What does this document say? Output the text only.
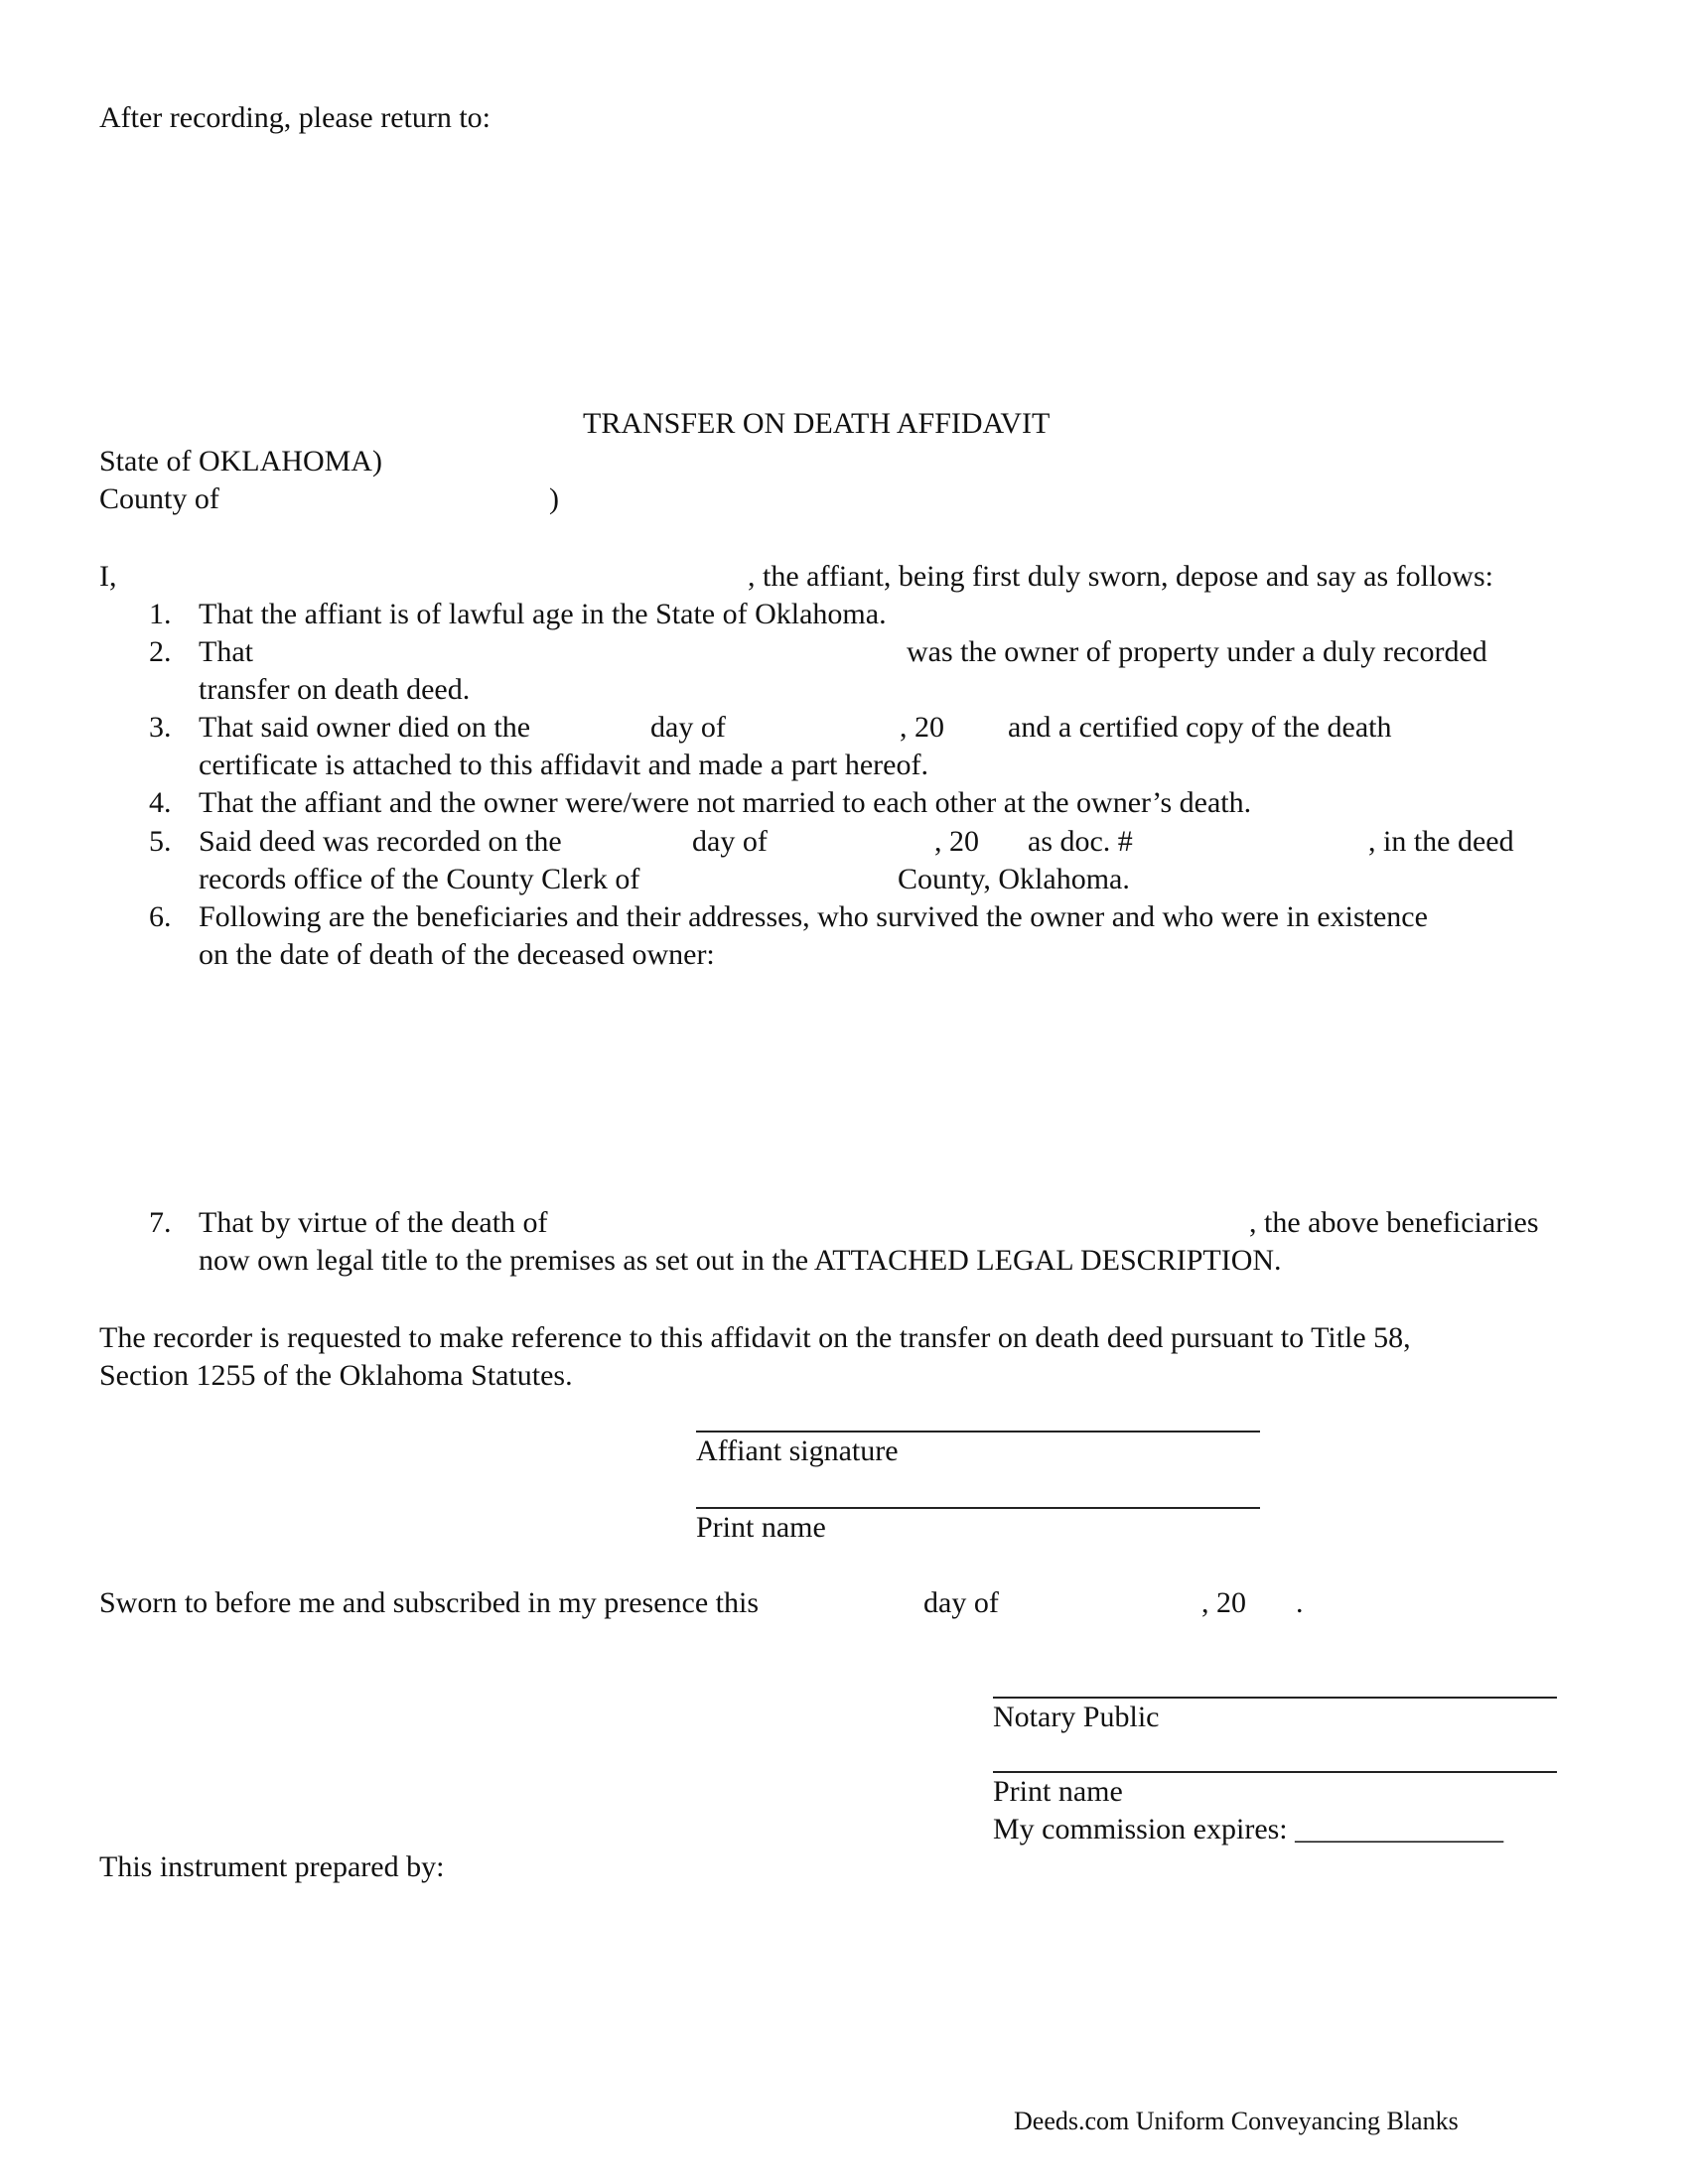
After recording, please return to:
TRANSFER ON DEATH AFFIDAVIT
State of OKLAHOMA)
County of	)
I,	, the affiant, being first duly sworn, depose and say as follows:
1. That the affiant is of lawful age in the State of Oklahoma.
2. That	was the owner of property under a duly recorded
transfer on death deed.
3. That said owner died on the	day of	, 20 and a certified copy of the death
certificate is attached to this affidavit and made a part hereof.
4. That the affiant and the owner were/were not married to each other at the owner’s death.
5. Said deed was recorded on the	day of	, 20 as doc. #	, in the deed
records office of the County Clerk of	County, Oklahoma.
6. Following are the beneficiaries and their addresses, who survived the owner and who were in existence
on the date of death of the deceased owner:
7. That by virtue of the death of	, the above beneficiaries
now own legal title to the premises as set out in the ATTACHED LEGAL DESCRIPTION.
The recorder is requested to make reference to this affidavit on the transfer on death deed pursuant to Title 58,
Section 1255 of the Oklahoma Statutes.
Affiant signature
Print name
Sworn to before me and subscribed in my presence this	day of	, 20 .
Notary Public
Print name
My commission expires: ______________
This instrument prepared by:
Deeds.com Uniform Conveyancing Blanks
